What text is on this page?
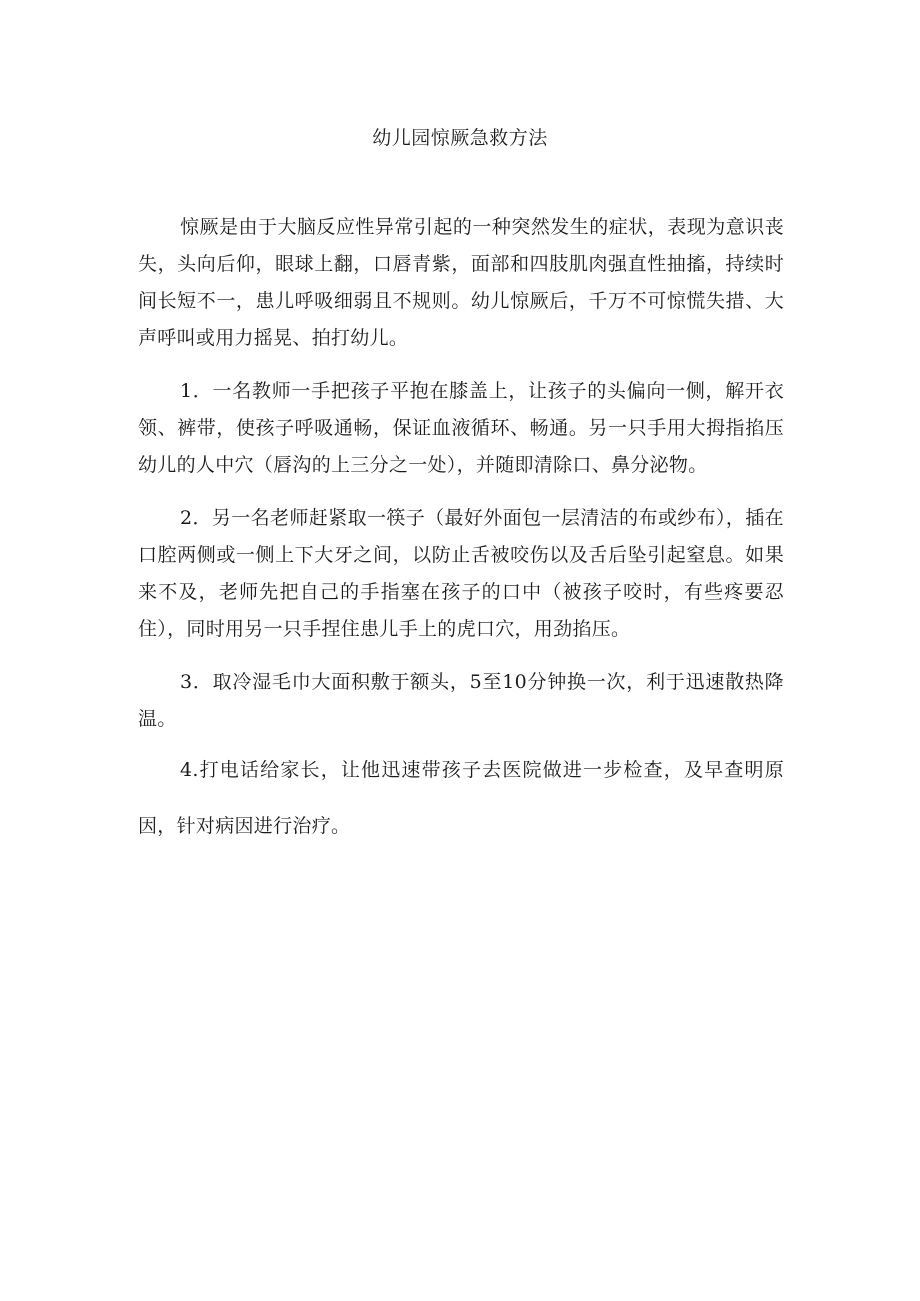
幼儿园惊厥急救方法

惊厥是由于大脑反应性异常引起的一种突然发生的症状，表现为意识丧失，头向后仰，眼球上翻，口唇青紫，面部和四肢肌肉强直性抽搐，持续时间长短不一，患儿呼吸细弱且不规则。幼儿惊厥后，千万不可惊慌失措、大声呼叫或用力摇晃、拍打幼儿。

1．一名教师一手把孩子平抱在膝盖上，让孩子的头偏向一侧，解开衣领、裤带，使孩子呼吸通畅，保证血液循环、畅通。另一只手用大拇指掐压幼儿的人中穴（唇沟的上三分之一处），并随即清除口、鼻分泌物。

2．另一名老师赶紧取一筷子（最好外面包一层清洁的布或纱布），插在口腔两侧或一侧上下大牙之间，以防止舌被咬伤以及舌后坠引起窒息。如果来不及，老师先把自己的手指塞在孩子的口中（被孩子咬时，有些疼要忍住），同时用另一只手捏住患儿手上的虎口穴，用劲掐压。

3．取冷湿毛巾大面积敷于额头，5至10分钟换一次，利于迅速散热降温。

4.打电话给家长，让他迅速带孩子去医院做进一步检查，及早查明原因，针对病因进行治疗。
